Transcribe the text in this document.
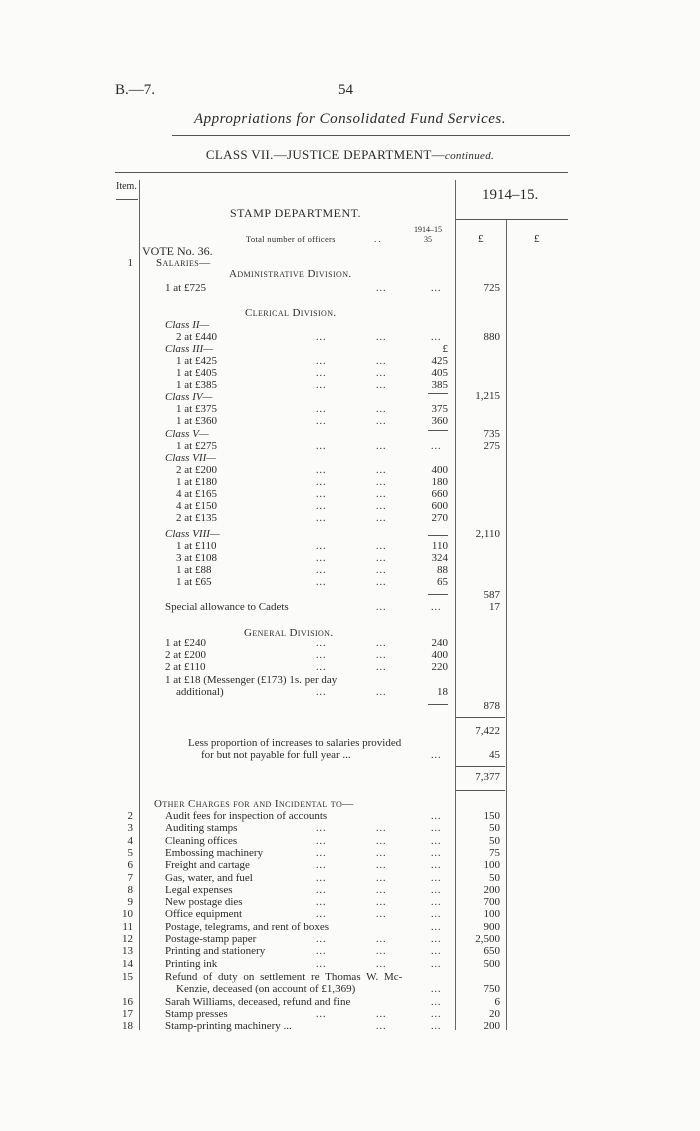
B.—7.	54
Appropriations for Consolidated Fund Services.
CLASS VII.—JUSTICE DEPARTMENT—continued.
Item.
1914–15.
£	£
STAMP DEPARTMENT.
Total number of officers	. .
1914–15
35
VOTE No. 36.
1 Salaries—
Administrative Division.
1 at £725	...	...	725
Clerical Division.
Class II—
2 at £440	...	...	...	880
Class III—	£
1 at £425	...	...	425
1 at £405	...	...	405
1 at £385	...	...	385
1,215
Class IV—
1 at £375	...	...	375
1 at £360	...	...	360
Class V—	735
1 at £275	...	...	...	275
Class VII—
2 at £200	...	...	400
1 at £180	...	...	180
4 at £165	...	...	660
4 at £150	...	...	600
2 at £135	...	...	270
Class VIII—	2,110
1 at £110	...	...	110
3 at £108	...	...	324
1 at £88	...	...	88
1 at £65	...	...	65
587
Special allowance to Cadets	...	...	17
General Division.
1 at £240	...	...	240
2 at £200	...	...	400
2 at £110	...	...	220
1 at £18 (Messenger (£173) 1s. per day
additional)	...	...	18
878
7,422
Less proportion of increases to salaries provided
for but not payable for full year ...	...	45
7,377
Other Charges for and Incidental to—
2	Audit fees for inspection of accounts	...	150
3	Auditing stamps	...	...	...	50
4	Cleaning offices	...	...	...	50
5	Embossing machinery	...	...	...	75
6	Freight and cartage	...	...	...	100
7	Gas, water, and fuel	...	...	...	50
8	Legal expenses	...	...	...	200
9	New postage dies	...	...	...	700
10	Office equipment	...	...	...	100
11	Postage, telegrams, and rent of boxes	...	900
12	Postage-stamp paper	...	...	...	2,500
13	Printing and stationery	...	...	...	650
14	Printing ink	...	...	...	500
15	Refund of duty on settlement re Thomas W. Mc-
Kenzie, deceased (on account of £1,369)	...	750
16	Sarah Williams, deceased, refund and fine	...	6
17	Stamp presses	...	...	...	20
18	Stamp-printing machinery ...	...	...	200
